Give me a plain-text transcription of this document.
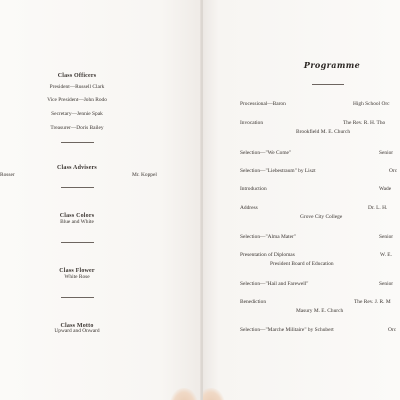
Class Officers
President—Russell Clark
Vice President—John Rodo
Secretary—Jennie Spak
Treasurer—Doris Bailey
Class Advisers
Rosser	Mr. Koppel
Class Colors
Blue and White
Class Flower
White Rose
Class Motto
Upward and Onward
Programme
Processional—Baron	High School Orc
Invocation	The Rev. R. H. Tho
Brookfield M. E. Church
Selection—"We Come"	Senior
Selection—"Liebestraum" by Liszt	Orc
Introduction	Wade
Address	Dr. L. H.
Grove City College
Selection—"Alma Mater"	Senior
Presentation of Diplomas	W. E.
President Board of Education
Selection—"Hail and Farewell"	Senior
Benediction	The Rev. J. R. M
Masury M. E. Church
Selection—"Marche Militaire" by Schubert	Orc
